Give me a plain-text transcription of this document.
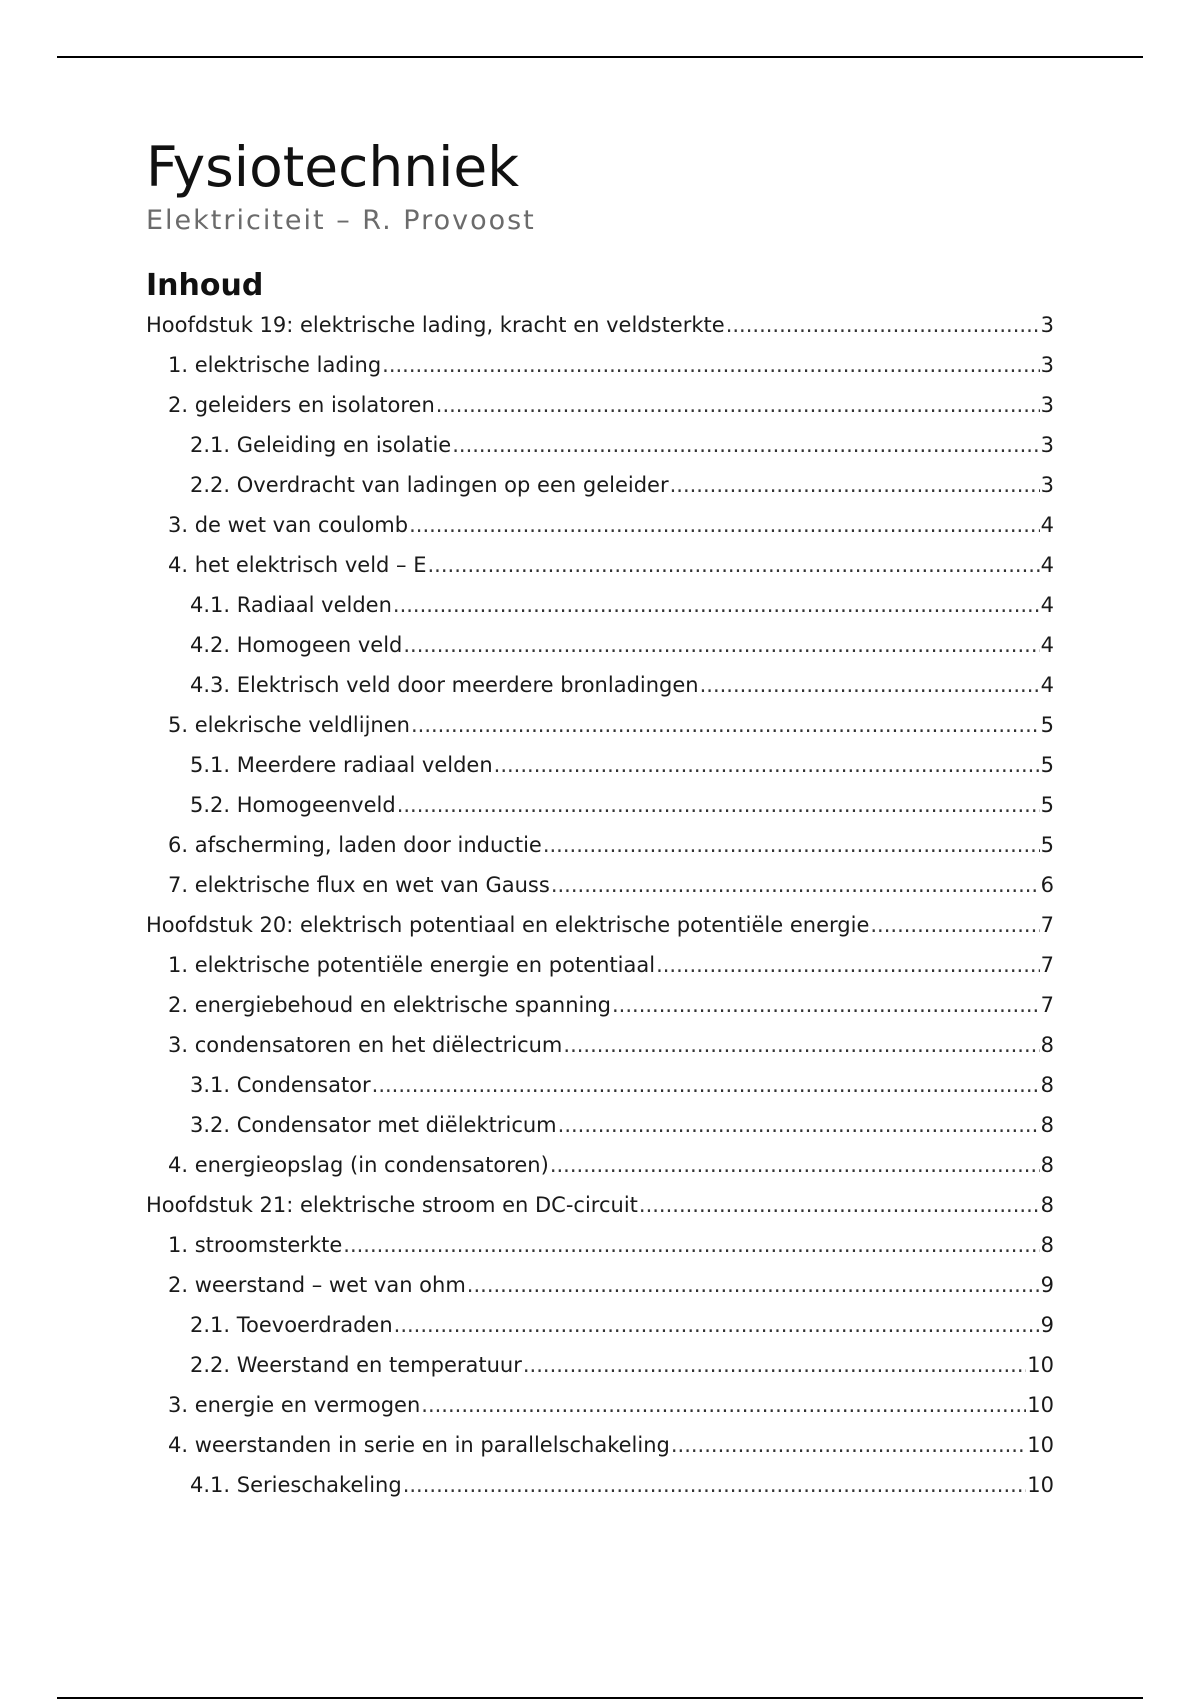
Fysiotechniek
Elektriciteit – R. Provoost
Inhoud
Hoofdstuk 19: elektrische lading, kracht en veldsterkte .....	3
1. elektrische lading .....	3
2. geleiders en isolatoren .....	3
2.1. Geleiding en isolatie .....	3
2.2. Overdracht van ladingen op een geleider .....	3
3. de wet van coulomb .....	4
4. het elektrisch veld – E .....	4
4.1. Radiaal velden .....	4
4.2. Homogeen veld .....	4
4.3. Elektrisch veld door meerdere bronladingen .....	4
5. elekrische veldlijnen .....	5
5.1. Meerdere radiaal velden .....	5
5.2. Homogeenveld .....	5
6. afscherming, laden door inductie .....	5
7. elektrische flux en wet van Gauss .....	6
Hoofdstuk 20: elektrisch potentiaal en elektrische potentiële energie .....	7
1. elektrische potentiële energie en potentiaal .....	7
2. energiebehoud en elektrische spanning .....	7
3. condensatoren en het diëlectricum .....	8
3.1. Condensator .....	8
3.2. Condensator met diëlektricum .....	8
4. energieopslag (in condensatoren) .....	8
Hoofdstuk 21: elektrische stroom en DC-circuit .....	8
1. stroomsterkte .....	8
2. weerstand – wet van ohm .....	9
2.1. Toevoerdraden .....	9
2.2. Weerstand en temperatuur .....	10
3. energie en vermogen .....	10
4. weerstanden in serie en in parallelschakeling .....	10
4.1. Serieschakeling .....	10
